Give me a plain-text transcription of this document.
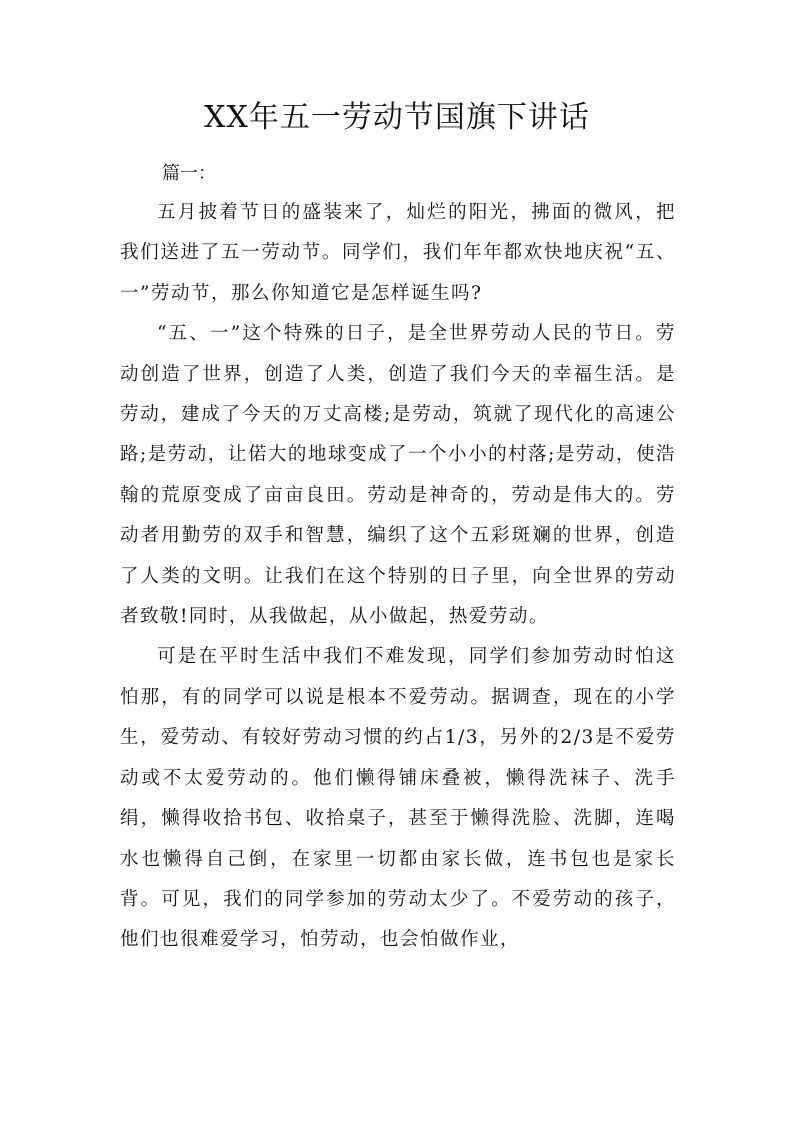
XX年五一劳动节国旗下讲话

篇一：

五月披着节日的盛装来了，灿烂的阳光，拂面的微风，把我们送进了五一劳动节。同学们，我们年年都欢快地庆祝“五、一”劳动节，那么你知道它是怎样诞生吗?

“五、一”这个特殊的日子，是全世界劳动人民的节日。劳动创造了世界，创造了人类，创造了我们今天的幸福生活。是劳动，建成了今天的万丈高楼;是劳动，筑就了现代化的高速公路;是劳动，让偌大的地球变成了一个小小的村落;是劳动，使浩翰的荒原变成了亩亩良田。劳动是神奇的，劳动是伟大的。劳动者用勤劳的双手和智慧，编织了这个五彩斑斓的世界，创造了人类的文明。让我们在这个特别的日子里，向全世界的劳动者致敬!同时，从我做起，从小做起，热爱劳动。

可是在平时生活中我们不难发现，同学们参加劳动时怕这怕那，有的同学可以说是根本不爱劳动。据调查，现在的小学生，爱劳动、有较好劳动习惯的约占1/3，另外的2/3是不爱劳动或不太爱劳动的。他们懒得铺床叠被，懒得洗袜子、洗手绢，懒得收拾书包、收拾桌子，甚至于懒得洗脸、洗脚，连喝水也懒得自己倒，在家里一切都由家长做，连书包也是家长背。可见，我们的同学参加的劳动太少了。不爱劳动的孩子，他们也很难爱学习，怕劳动，也会怕做作业，
